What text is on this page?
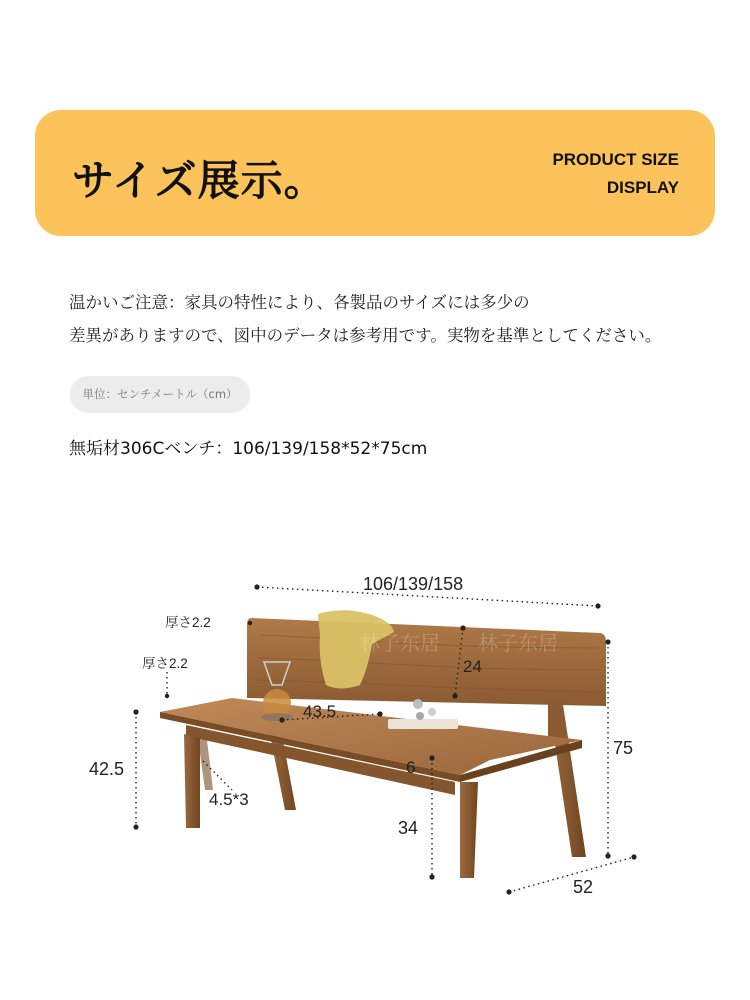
サイズ展示。	PRODUCT SIZE
DISPLAY
温かいご注意：家具の特性により、各製品のサイズには多少の
差異がありますので、図中のデータは参考用です。実物を基準としてください。
単位：センチメートル（cm）
無垢材306Cベンチ：106/139/158*52*75cm
林子东居 林子东居
106/139/158
厚さ2.2
厚さ2.2	24
43.5
75
42.5	6
4.5*3
34
52
